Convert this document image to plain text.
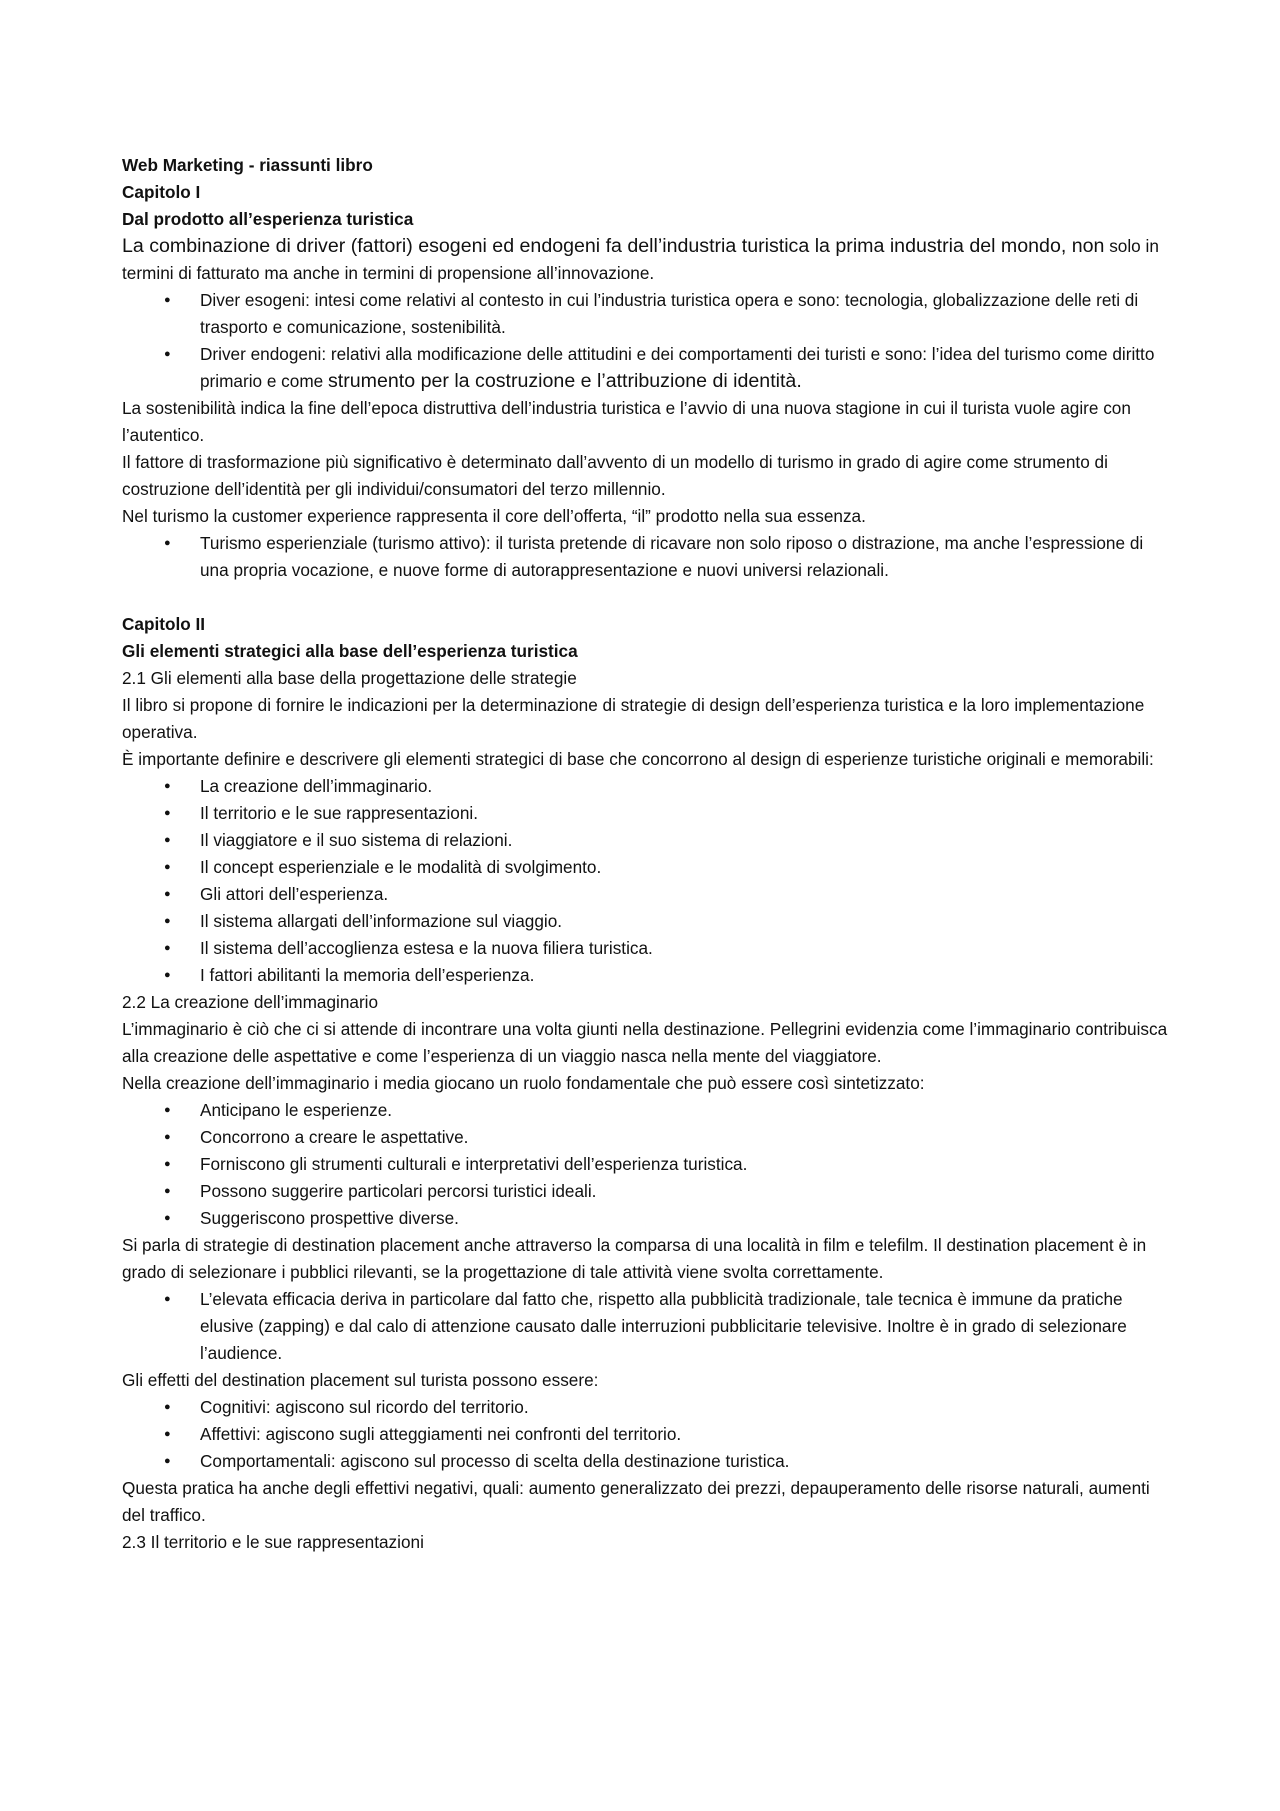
Web Marketing - riassunti libro

Capitolo I

Dal prodotto all’esperienza turistica

La combinazione di driver (fattori) esogeni ed endogeni fa dell’industria turistica la prima industria del mondo, non solo in termini di fatturato ma anche in termini di propensione all’innovazione.

● Diver esogeni: intesi come relativi al contesto in cui l’industria turistica opera e sono: tecnologia, globalizzazione delle reti di trasporto e comunicazione, sostenibilità.
● Driver endogeni: relativi alla modificazione delle attitudini e dei comportamenti dei turisti e sono: l’idea del turismo come diritto primario e come strumento per la costruzione e l’attribuzione di identità.

La sostenibilità indica la fine dell’epoca distruttiva dell’industria turistica e l’avvio di una nuova stagione in cui il turista vuole agire con l’autentico.

Il fattore di trasformazione più significativo è determinato dall’avvento di un modello di turismo in grado di agire come strumento di costruzione dell’identità per gli individui/consumatori del terzo millennio.

Nel turismo la customer experience rappresenta il core dell’offerta, “il” prodotto nella sua essenza.

● Turismo esperienziale (turismo attivo): il turista pretende di ricavare non solo riposo o distrazione, ma anche l’espressione di una propria vocazione, e nuove forme di autorappresentazione e nuovi universi relazionali.

Capitolo II

Gli elementi strategici alla base dell’esperienza turistica

2.1 Gli elementi alla base della progettazione delle strategie

Il libro si propone di fornire le indicazioni per la determinazione di strategie di design dell’esperienza turistica e la loro implementazione operativa.

È importante definire e descrivere gli elementi strategici di base che concorrono al design di esperienze turistiche originali e memorabili:

● La creazione dell’immaginario.
● Il territorio e le sue rappresentazioni.
● Il viaggiatore e il suo sistema di relazioni.
● Il concept esperienziale e le modalità di svolgimento.
● Gli attori dell’esperienza.
● Il sistema allargati dell’informazione sul viaggio.
● Il sistema dell’accoglienza estesa e la nuova filiera turistica.
● I fattori abilitanti la memoria dell’esperienza.

2.2 La creazione dell’immaginario

L’immaginario è ciò che ci si attende di incontrare una volta giunti nella destinazione. Pellegrini evidenzia come l’immaginario contribuisca alla creazione delle aspettative e come l’esperienza di un viaggio nasca nella mente del viaggiatore.

Nella creazione dell’immaginario i media giocano un ruolo fondamentale che può essere così sintetizzato:

● Anticipano le esperienze.
● Concorrono a creare le aspettative.
● Forniscono gli strumenti culturali e interpretativi dell’esperienza turistica.
● Possono suggerire particolari percorsi turistici ideali.
● Suggeriscono prospettive diverse.

Si parla di strategie di destination placement anche attraverso la comparsa di una località in film e telefilm. Il destination placement è in grado di selezionare i pubblici rilevanti, se la progettazione di tale attività viene svolta correttamente.

● L’elevata efficacia deriva in particolare dal fatto che, rispetto alla pubblicità tradizionale, tale tecnica è immune da pratiche elusive (zapping) e dal calo di attenzione causato dalle interruzioni pubblicitarie televisive. Inoltre è in grado di selezionare l’audience.

Gli effetti del destination placement sul turista possono essere:

● Cognitivi: agiscono sul ricordo del territorio.
● Affettivi: agiscono sugli atteggiamenti nei confronti del territorio.
● Comportamentali: agiscono sul processo di scelta della destinazione turistica.

Questa pratica ha anche degli effettivi negativi, quali: aumento generalizzato dei prezzi, depauperamento delle risorse naturali, aumenti del traffico.

2.3 Il territorio e le sue rappresentazioni
